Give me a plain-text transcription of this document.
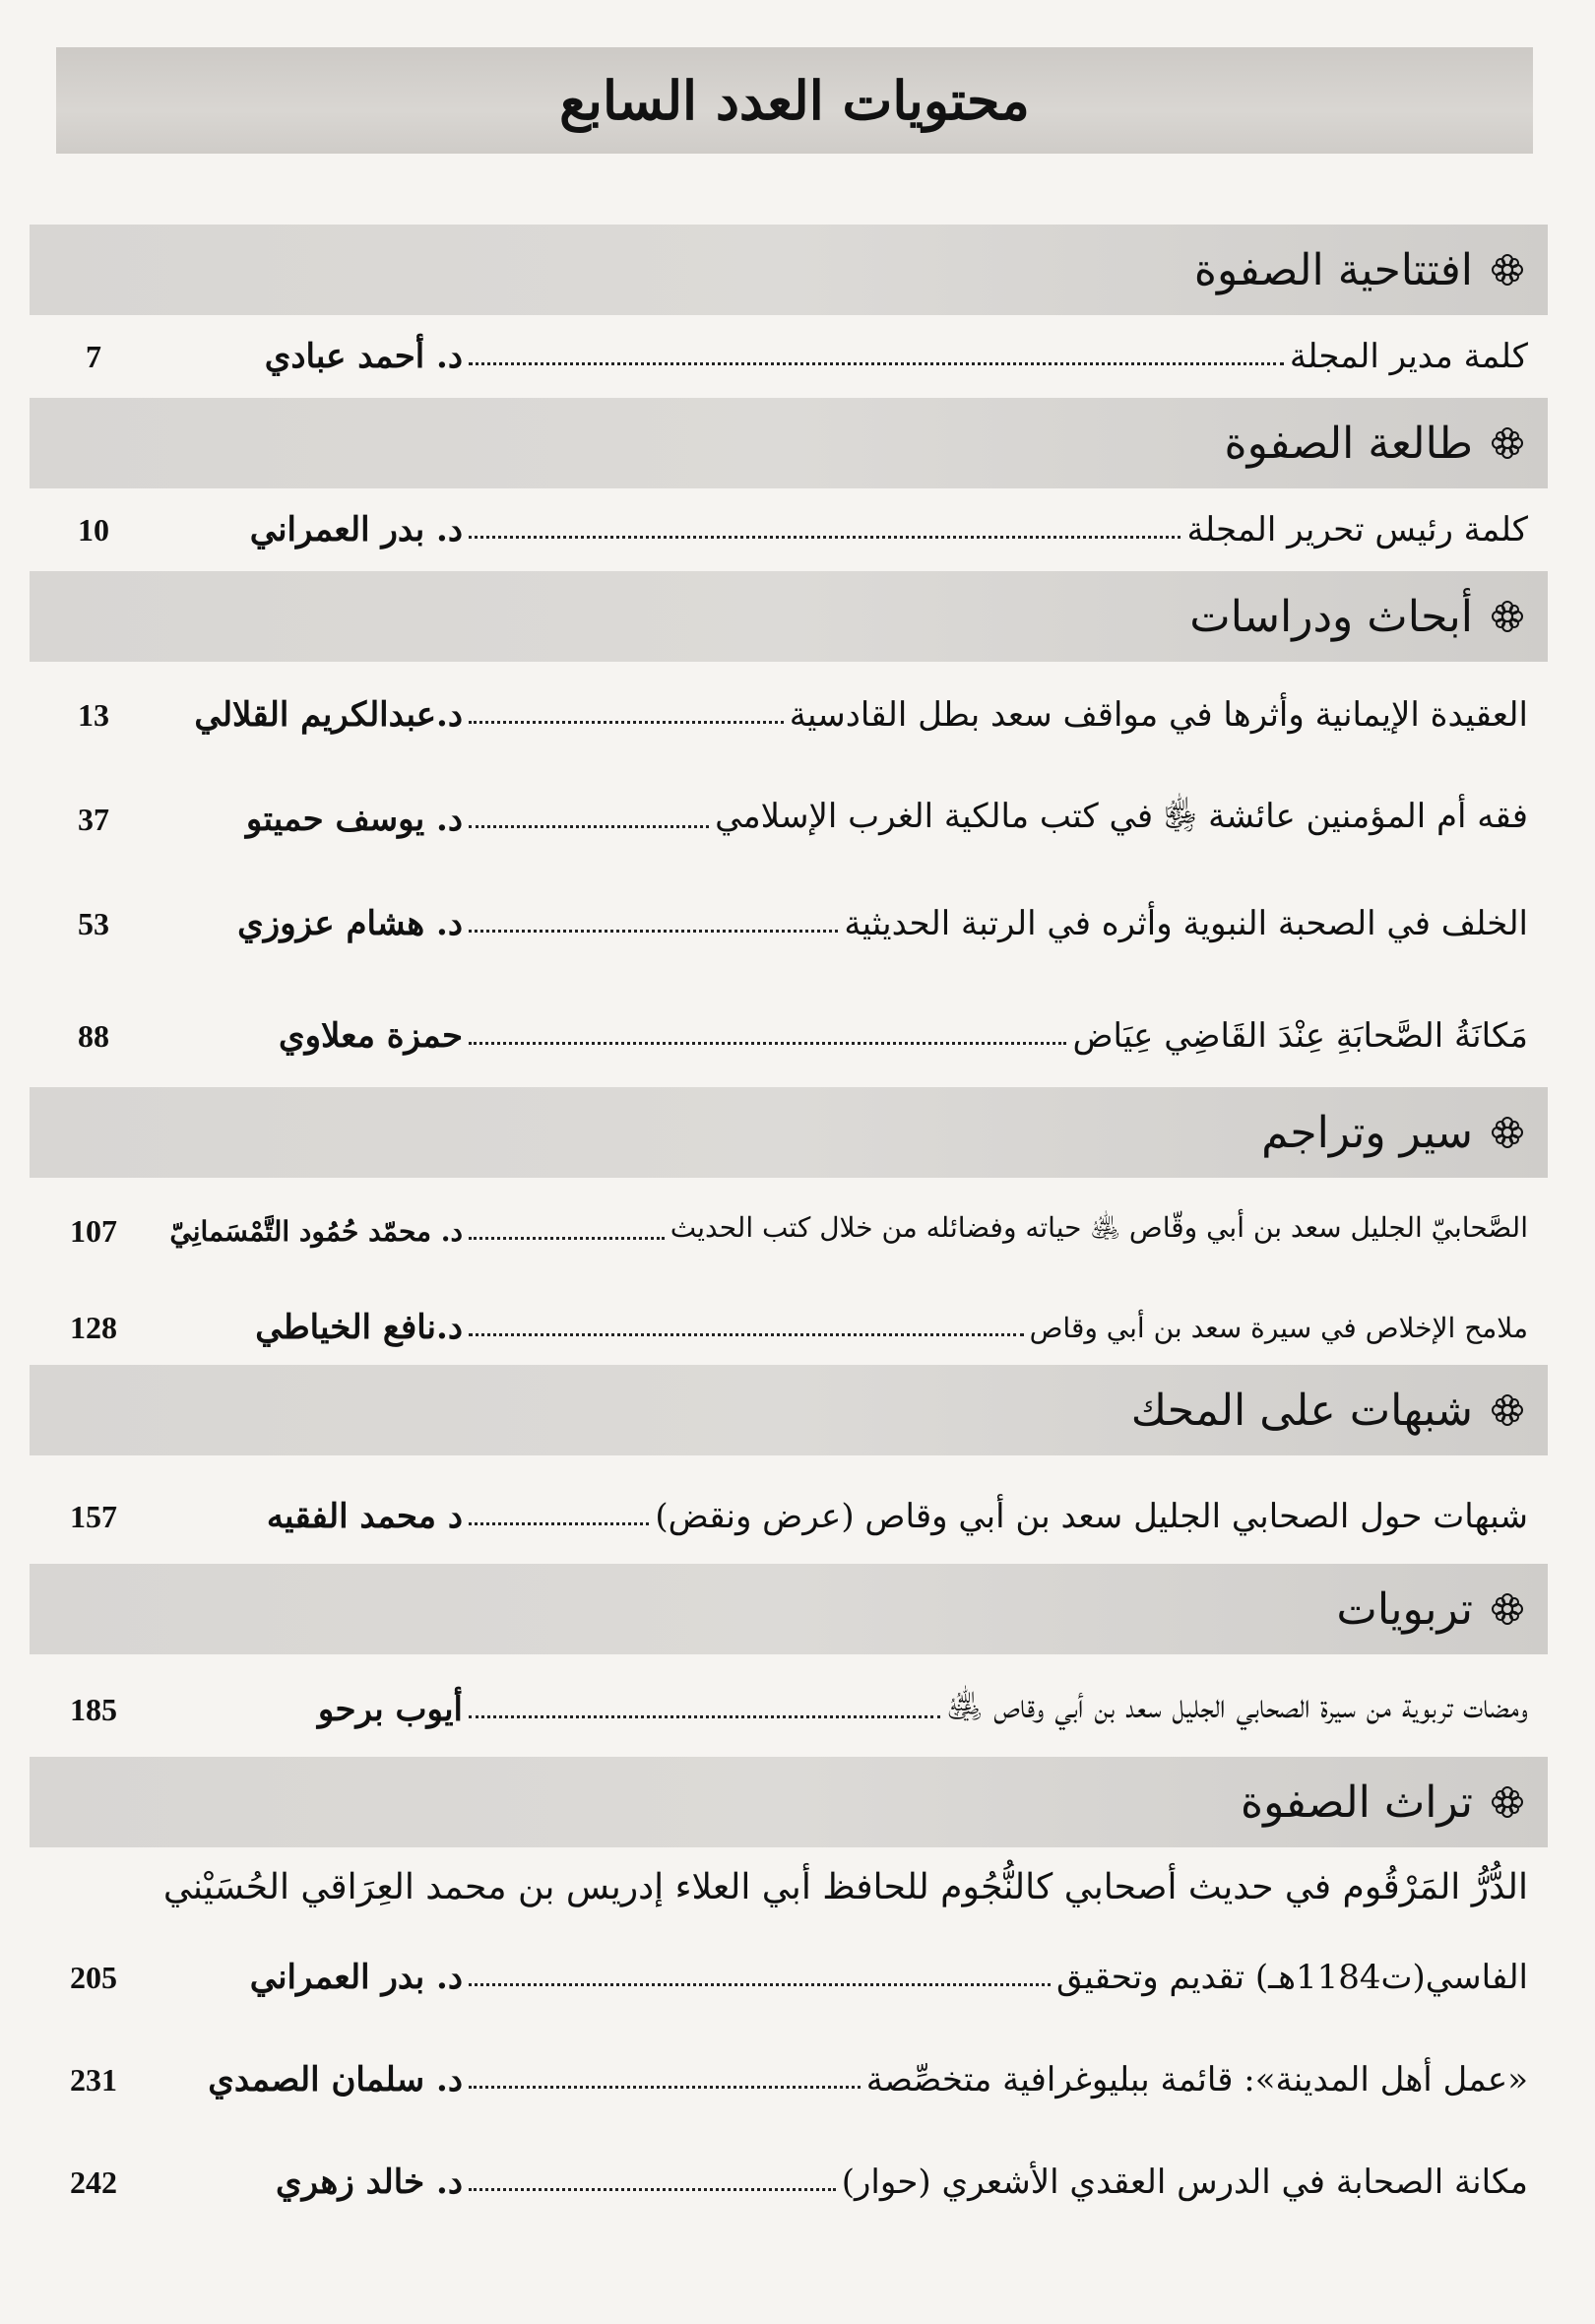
محتويات العدد السابع
افتتاحية الصفوة
كلمة مدير المجلة
د. أحمد عبادي
7
طالعة الصفوة
كلمة رئيس تحرير المجلة
د. بدر العمراني
10
أبحاث ودراسات
العقيدة الإيمانية وأثرها في مواقف سعد بطل القادسية
د.عبدالكريم القلالي
13
فقه أم المؤمنين عائشة ﵂ في كتب مالكية الغرب الإسلامي
د. يوسف حميتو
37
الخلف في الصحبة النبوية وأثره في الرتبة الحديثية
د. هشام عزوزي
53
مَكانَةُ الصَّحابَةِ عِنْدَ القَاضِي عِيَاض
حمزة معلاوي
88
سير وتراجم
الصَّحابيّ الجليل سعد بن أبي وقّاص ﵁ حياته وفضائله من خلال كتب الحديث
د. محمّد حُمُود التَّمْسَمانِيّ
107
ملامح الإخلاص في سيرة سعد بن أبي وقاص
د.نافع الخياطي
128
شبهات على المحك
شبهات حول الصحابي الجليل سعد بن أبي وقاص (عرض ونقض)
د محمد الفقيه
157
تربويات
ومضات تربوية من سيرة الصحابي الجليل سعد بن أبي وقاص ﵁
أيوب برحو
185
تراث الصفوة
الدُّرُّ المَرْقُوم في حديث أصحابي كالنُّجُوم للحافظ أبي العلاء إدريس بن محمد العِرَاقي الحُسَيْني
الفاسي(ت1184هـ) تقديم وتحقيق
د. بدر العمراني
205
«عمل أهل المدينة»: قائمة ببليوغرافية متخصِّصة
د. سلمان الصمدي
231
مكانة الصحابة في الدرس العقدي الأشعري (حوار)
د. خالد زهري
242
